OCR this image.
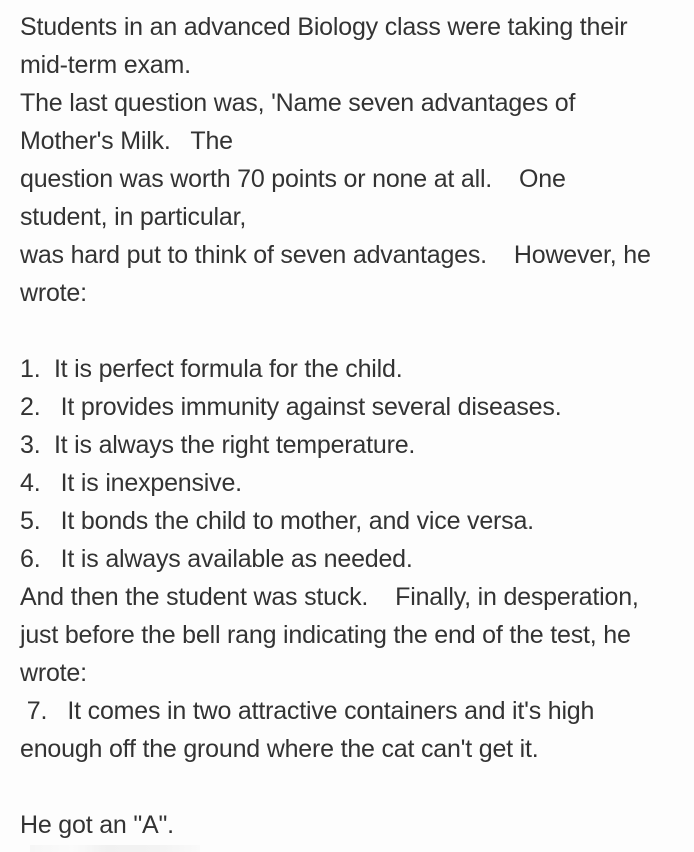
Students in an advanced Biology class were taking their
mid-term exam.
The last question was, 'Name seven advantages of
Mother's Milk.   The
question was worth 70 points or none at all.    One
student, in particular,
was hard put to think of seven advantages.    However, he
wrote:
1.  It is perfect formula for the child.
2.   It provides immunity against several diseases.
3.  It is always the right temperature.
4.   It is inexpensive.
5.   It bonds the child to mother, and vice versa.
6.   It is always available as needed.
And then the student was stuck.    Finally, in desperation,
just before the bell rang indicating the end of the test, he
wrote:
7.   It comes in two attractive containers and it's high
enough off the ground where the cat can't get it.
He got an "A".
